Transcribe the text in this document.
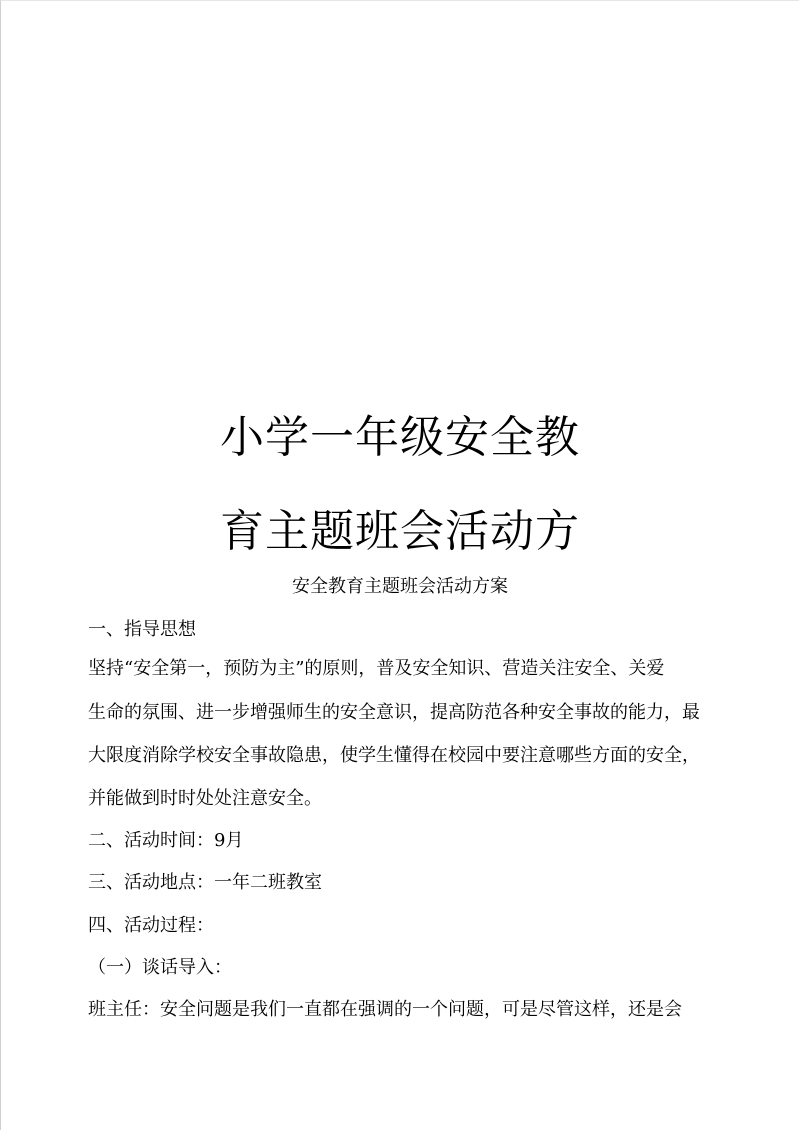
小学一年级安全教
育主题班会活动方
安全教育主题班会活动方案
一、指导思想
坚持“安全第一，预防为主”的原则，普及安全知识、营造关注安全、关爱
生命的氛围、进一步增强师生的安全意识，提高防范各种安全事故的能力，最
大限度消除学校安全事故隐患，使学生懂得在校园中要注意哪些方面的安全，
并能做到时时处处注意安全。
二、活动时间：9月
三、活动地点：一年二班教室
四、活动过程：
（一）谈话导入：
班主任：安全问题是我们一直都在强调的一个问题，可是尽管这样，还是会
